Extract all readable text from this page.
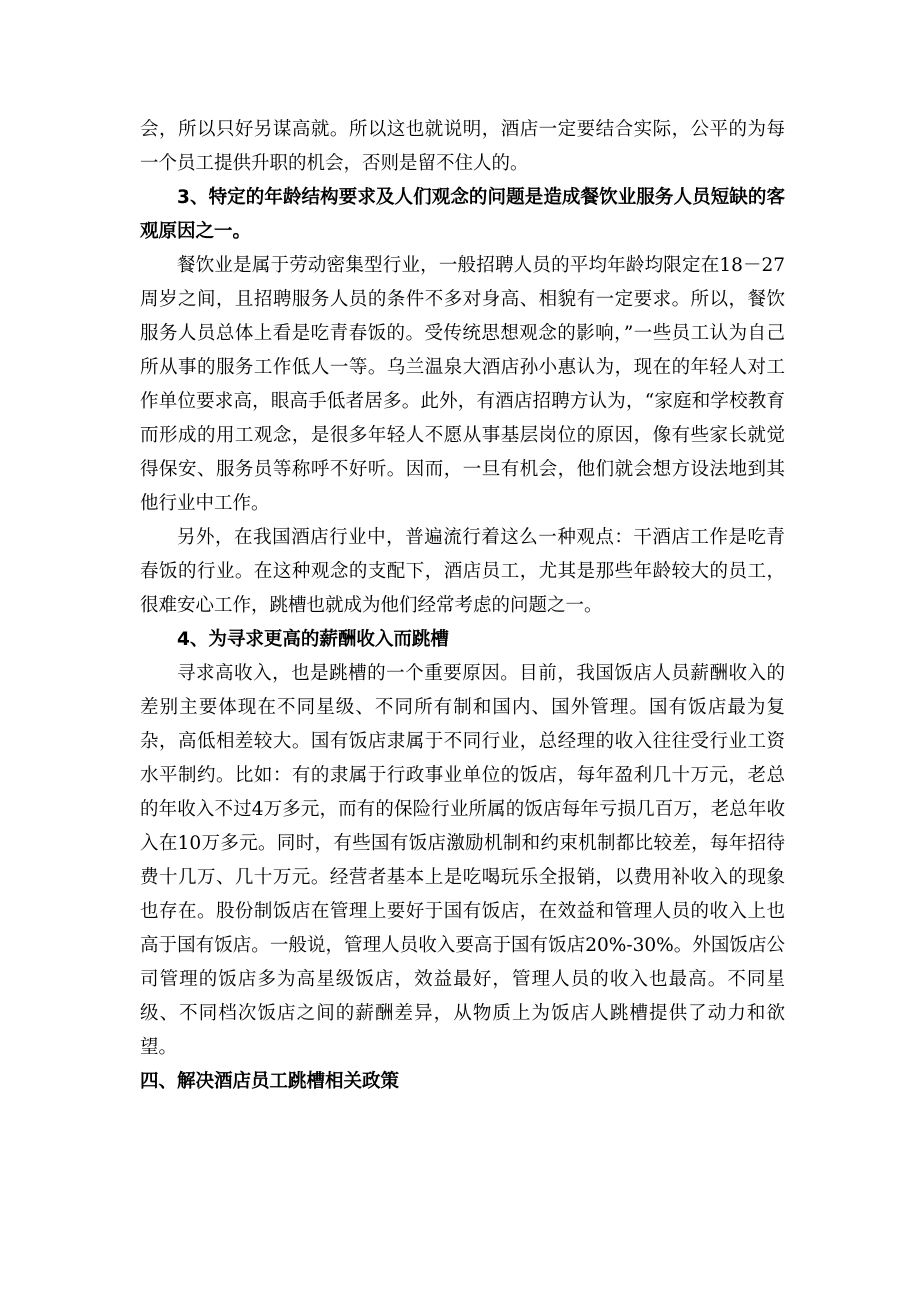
会，所以只好另谋高就。所以这也就说明，酒店一定要结合实际，公平的为每一个员工提供升职的机会，否则是留不住人的。

3、特定的年龄结构要求及人们观念的问题是造成餐饮业服务人员短缺的客观原因之一。

餐饮业是属于劳动密集型行业，一般招聘人员的平均年龄均限定在18－27周岁之间，且招聘服务人员的条件不多对身高、相貌有一定要求。所以，餐饮服务人员总体上看是吃青春饭的。受传统思想观念的影响，”一些员工认为自己所从事的服务工作低人一等。乌兰温泉大酒店孙小惠认为，现在的年轻人对工作单位要求高，眼高手低者居多。此外，有酒店招聘方认为，“家庭和学校教育而形成的用工观念，是很多年轻人不愿从事基层岗位的原因，像有些家长就觉得保安、服务员等称呼不好听。因而，一旦有机会，他们就会想方设法地到其他行业中工作。

另外，在我国酒店行业中，普遍流行着这么一种观点：干酒店工作是吃青春饭的行业。在这种观念的支配下，酒店员工，尤其是那些年龄较大的员工，很难安心工作，跳槽也就成为他们经常考虑的问题之一。

4、为寻求更高的薪酬收入而跳槽

寻求高收入，也是跳槽的一个重要原因。目前，我国饭店人员薪酬收入的差别主要体现在不同星级、不同所有制和国内、国外管理。国有饭店最为复杂，高低相差较大。国有饭店隶属于不同行业，总经理的收入往往受行业工资水平制约。比如：有的隶属于行政事业单位的饭店，每年盈利几十万元，老总的年收入不过4万多元，而有的保险行业所属的饭店每年亏损几百万，老总年收入在10万多元。同时，有些国有饭店激励机制和约束机制都比较差，每年招待费十几万、几十万元。经营者基本上是吃喝玩乐全报销，以费用补收入的现象也存在。股份制饭店在管理上要好于国有饭店，在效益和管理人员的收入上也高于国有饭店。一般说，管理人员收入要高于国有饭店20%-30%。外国饭店公司管理的饭店多为高星级饭店，效益最好，管理人员的收入也最高。不同星级、不同档次饭店之间的薪酬差异，从物质上为饭店人跳槽提供了动力和欲望。

四、解决酒店员工跳槽相关政策
